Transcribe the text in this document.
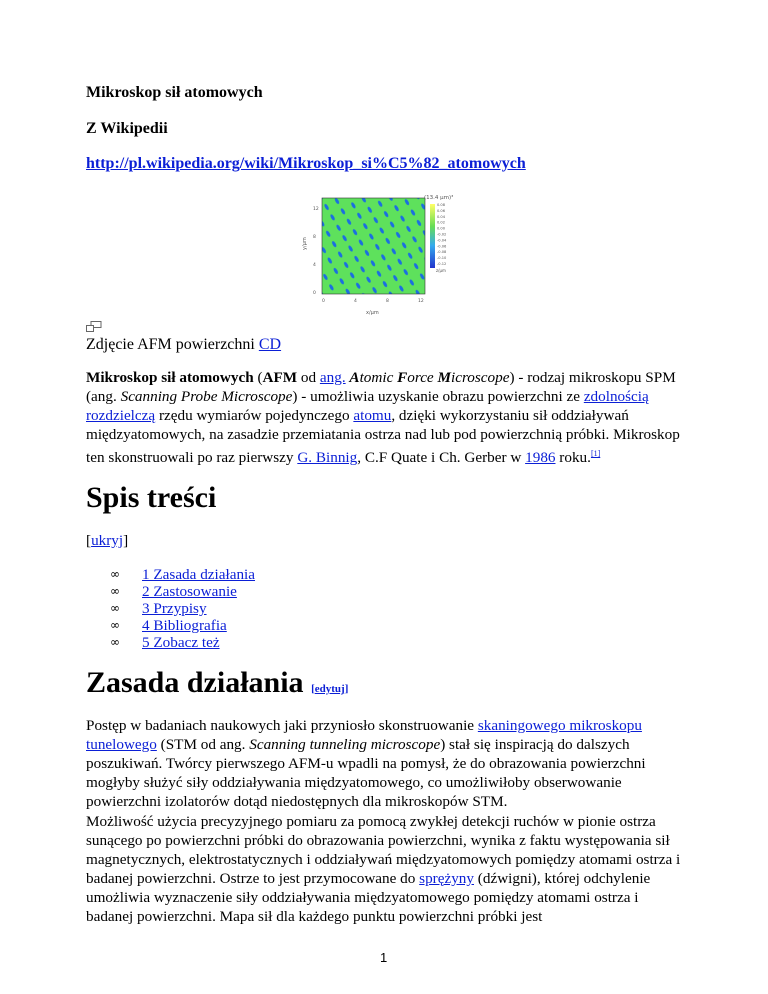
Mikroskop sił atomowych

Z Wikipedii

http://pl.wikipedia.org/wiki/Mikroskop_si%C5%82_atomowych
(13.4 μm)³
0.08
0.06
0.04
0.02
0.00
-0.02
-0.04
-0.06
-0.08
-0.10
-0.12
z/μm
y/μm
x/μm
12
8
4
0
0	4	8	12

Zdjęcie AFM powierzchni CD

Mikroskop sił atomowych (AFM od ang. Atomic Force Microscope) - rodzaj mikroskopu SPM (ang. Scanning Probe Microscope) - umożliwia uzyskanie obrazu powierzchni ze zdolnością rozdzielczą rzędu wymiarów pojedynczego atomu, dzięki wykorzystaniu sił oddziaływań międzyatomowych, na zasadzie przemiatania ostrza nad lub pod powierzchnią próbki. Mikroskop ten skonstruowali po raz pierwszy G. Binnig, C.F Quate i Ch. Gerber w 1986 roku.[1]

Spis treści

[ukryj]

∞	1 Zasada działania
∞	2 Zastosowanie
∞	3 Przypisy
∞	4 Bibliografia
∞	5 Zobacz też

Zasada działania [edytuj]

Postęp w badaniach naukowych jaki przyniosło skonstruowanie skaningowego mikroskopu tunelowego (STM od ang. Scanning tunneling microscope) stał się inspiracją do dalszych poszukiwań. Twórcy pierwszego AFM-u wpadli na pomysł, że do obrazowania powierzchni mogłyby służyć siły oddziaływania międzyatomowego, co umożliwiłoby obserwowanie powierzchni izolatorów dotąd niedostępnych dla mikroskopów STM.

Możliwość użycia precyzyjnego pomiaru za pomocą zwykłej detekcji ruchów w pionie ostrza sunącego po powierzchni próbki do obrazowania powierzchni, wynika z faktu występowania sił magnetycznych, elektrostatycznych i oddziaływań międzyatomowych pomiędzy atomami ostrza i badanej powierzchni. Ostrze to jest przymocowane do sprężyny (dźwigni), której odchylenie umożliwia wyznaczenie siły oddziaływania międzyatomowego pomiędzy atomami ostrza i badanej powierzchni. Mapa sił dla każdego punktu powierzchni próbki jest

1
